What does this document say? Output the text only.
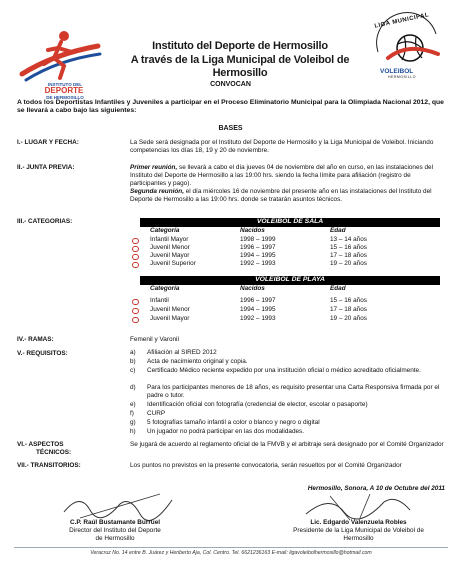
INSTITUTO DEL
DEPORTE
DE HERMOSILLO
Instituto del Deporte de Hermosillo
A través de la Liga Municipal de Voleibol de Hermosillo
LIGA MUNICIPAL
VOLEIBOL
HERMOSILLO
CONVOCAN
A todos los Deportistas Infantiles y Juveniles a participar en el Proceso Eliminatorio Municipal para la Olimpiada Nacional 2012, que se llevará a cabo bajo las siguientes:
BASES
I.- LUGAR Y FECHA:	La Sede será designada por el Instituto del Deporte de Hermosillo y la Liga Municipal de Voleibol. Iniciando competencias los días 18, 19 y 20 de noviembre.
II.- JUNTA PREVIA:	Primer reunión, se llevará a cabo el día jueves 04 de noviembre del año en curso, en las instalaciones del Instituto del Deporte de Hermosillo a las 19:00 hrs. siendo la fecha límite para afiliación (registro de participantes y pago).
Segunda reunión, el día miércoles 16 de noviembre del presente año en las instalaciones del Instituto del Deporte de Hermosillo a las 19:00 hrs. donde se tratarán asuntos técnicos.
III.- CATEGORIAS:	VOLEIBOL DE SALA
Categoría	Nacidos	Edad
Infantil Mayor	1998 – 1999	13 – 14 años
Juvenil Menor	1996 – 1997	15 – 16 años
Juvenil Mayor	1994 – 1995	17 – 18 años
Juvenil Superior	1992 – 1993	19 – 20 años
VOLEIBOL DE PLAYA
Categoría	Nacidos	Edad
Infantil	1996 – 1997	15 – 16 años
Juvenil Menor	1994 – 1995	17 – 18 años
Juvenil Mayor	1992 – 1993	19 – 20 años
IV.- RAMAS:	Femenil y Varonil
V.- REQUISITOS:	a) Afiliación al SIRED 2012
b) Acta de nacimiento original y copia.
c) Certificado Médico reciente expedido por una institución oficial o médico acreditado oficialmente.
d) Para los participantes menores de 18 años, es requisito presentar una Carta Responsiva firmada por el padre o tutor.
e) Identificación oficial con fotografía (credencial de elector, escolar o pasaporte)
f) CURP
g) 5 fotografías tamaño infantil a color o blanco y negro o digital
h) Un jugador no podrá participar en las dos modalidades.
VI.- ASPECTOS
TÉCNICOS:
Se jugará de acuerdo al reglamento oficial de la FMVB y el arbitraje será designado por el Comité Organizador
VII.- TRANSITORIOS:	Los puntos no previstos en la presente convocatoria, serán resueltos por el Comité Organizador
Hermosillo, Sonora, A 10 de Octubre del 2011
C.P. Raúl Bustamante Burruel
Director del Instituto del Deporte
de Hermosillo
Lic. Edgardo Valenzuela Robles
Presidente de la Liga Municipal de Voleibol de
Hermosillo
Veracruz No. 14 entre B. Juárez y Heriberto Aja, Col. Centro. Tel. 6621236163 E-mail: ligavoleibolhermosillo@hotmail.com
